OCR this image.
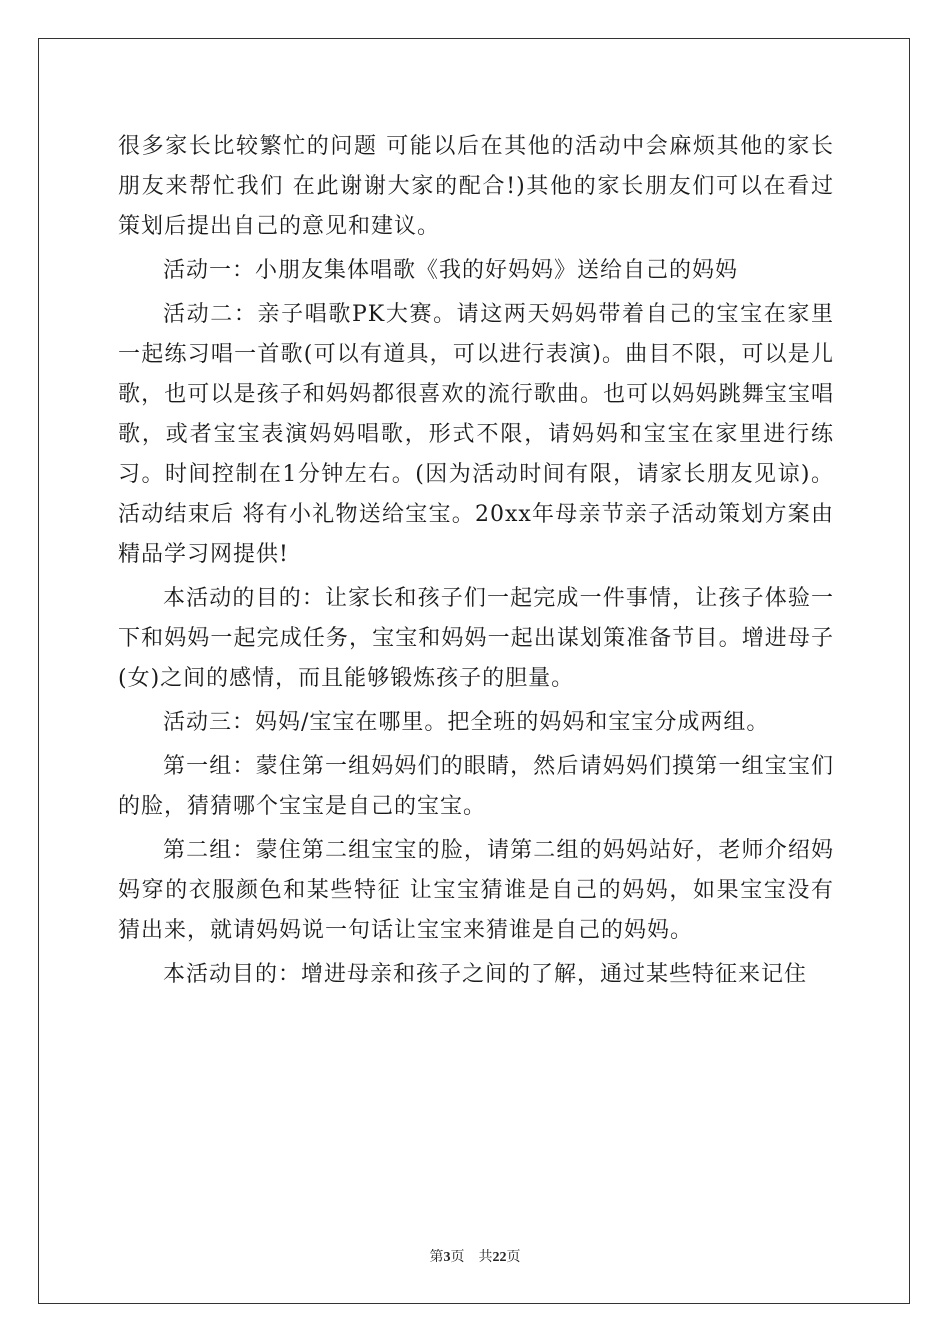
很多家长比较繁忙的问题 可能以后在其他的活动中会麻烦其他的家长朋友来帮忙我们 在此谢谢大家的配合!)其他的家长朋友们可以在看过策划后提出自己的意见和建议。

活动一：小朋友集体唱歌《我的好妈妈》送给自己的妈妈

活动二：亲子唱歌PK大赛。请这两天妈妈带着自己的宝宝在家里一起练习唱一首歌(可以有道具，可以进行表演)。曲目不限，可以是儿歌，也可以是孩子和妈妈都很喜欢的流行歌曲。也可以妈妈跳舞宝宝唱歌，或者宝宝表演妈妈唱歌，形式不限，请妈妈和宝宝在家里进行练习。时间控制在1分钟左右。(因为活动时间有限，请家长朋友见谅)。活动结束后 将有小礼物送给宝宝。20xx年母亲节亲子活动策划方案由精品学习网提供!

本活动的目的：让家长和孩子们一起完成一件事情，让孩子体验一下和妈妈一起完成任务，宝宝和妈妈一起出谋划策准备节目。增进母子(女)之间的感情，而且能够锻炼孩子的胆量。

活动三：妈妈/宝宝在哪里。把全班的妈妈和宝宝分成两组。

第一组：蒙住第一组妈妈们的眼睛，然后请妈妈们摸第一组宝宝们的脸，猜猜哪个宝宝是自己的宝宝。

第二组：蒙住第二组宝宝的脸，请第二组的妈妈站好，老师介绍妈妈穿的衣服颜色和某些特征 让宝宝猜谁是自己的妈妈，如果宝宝没有猜出来，就请妈妈说一句话让宝宝来猜谁是自己的妈妈。

本活动目的：增进母亲和孩子之间的了解，通过某些特征来记住

第3页 共22页
